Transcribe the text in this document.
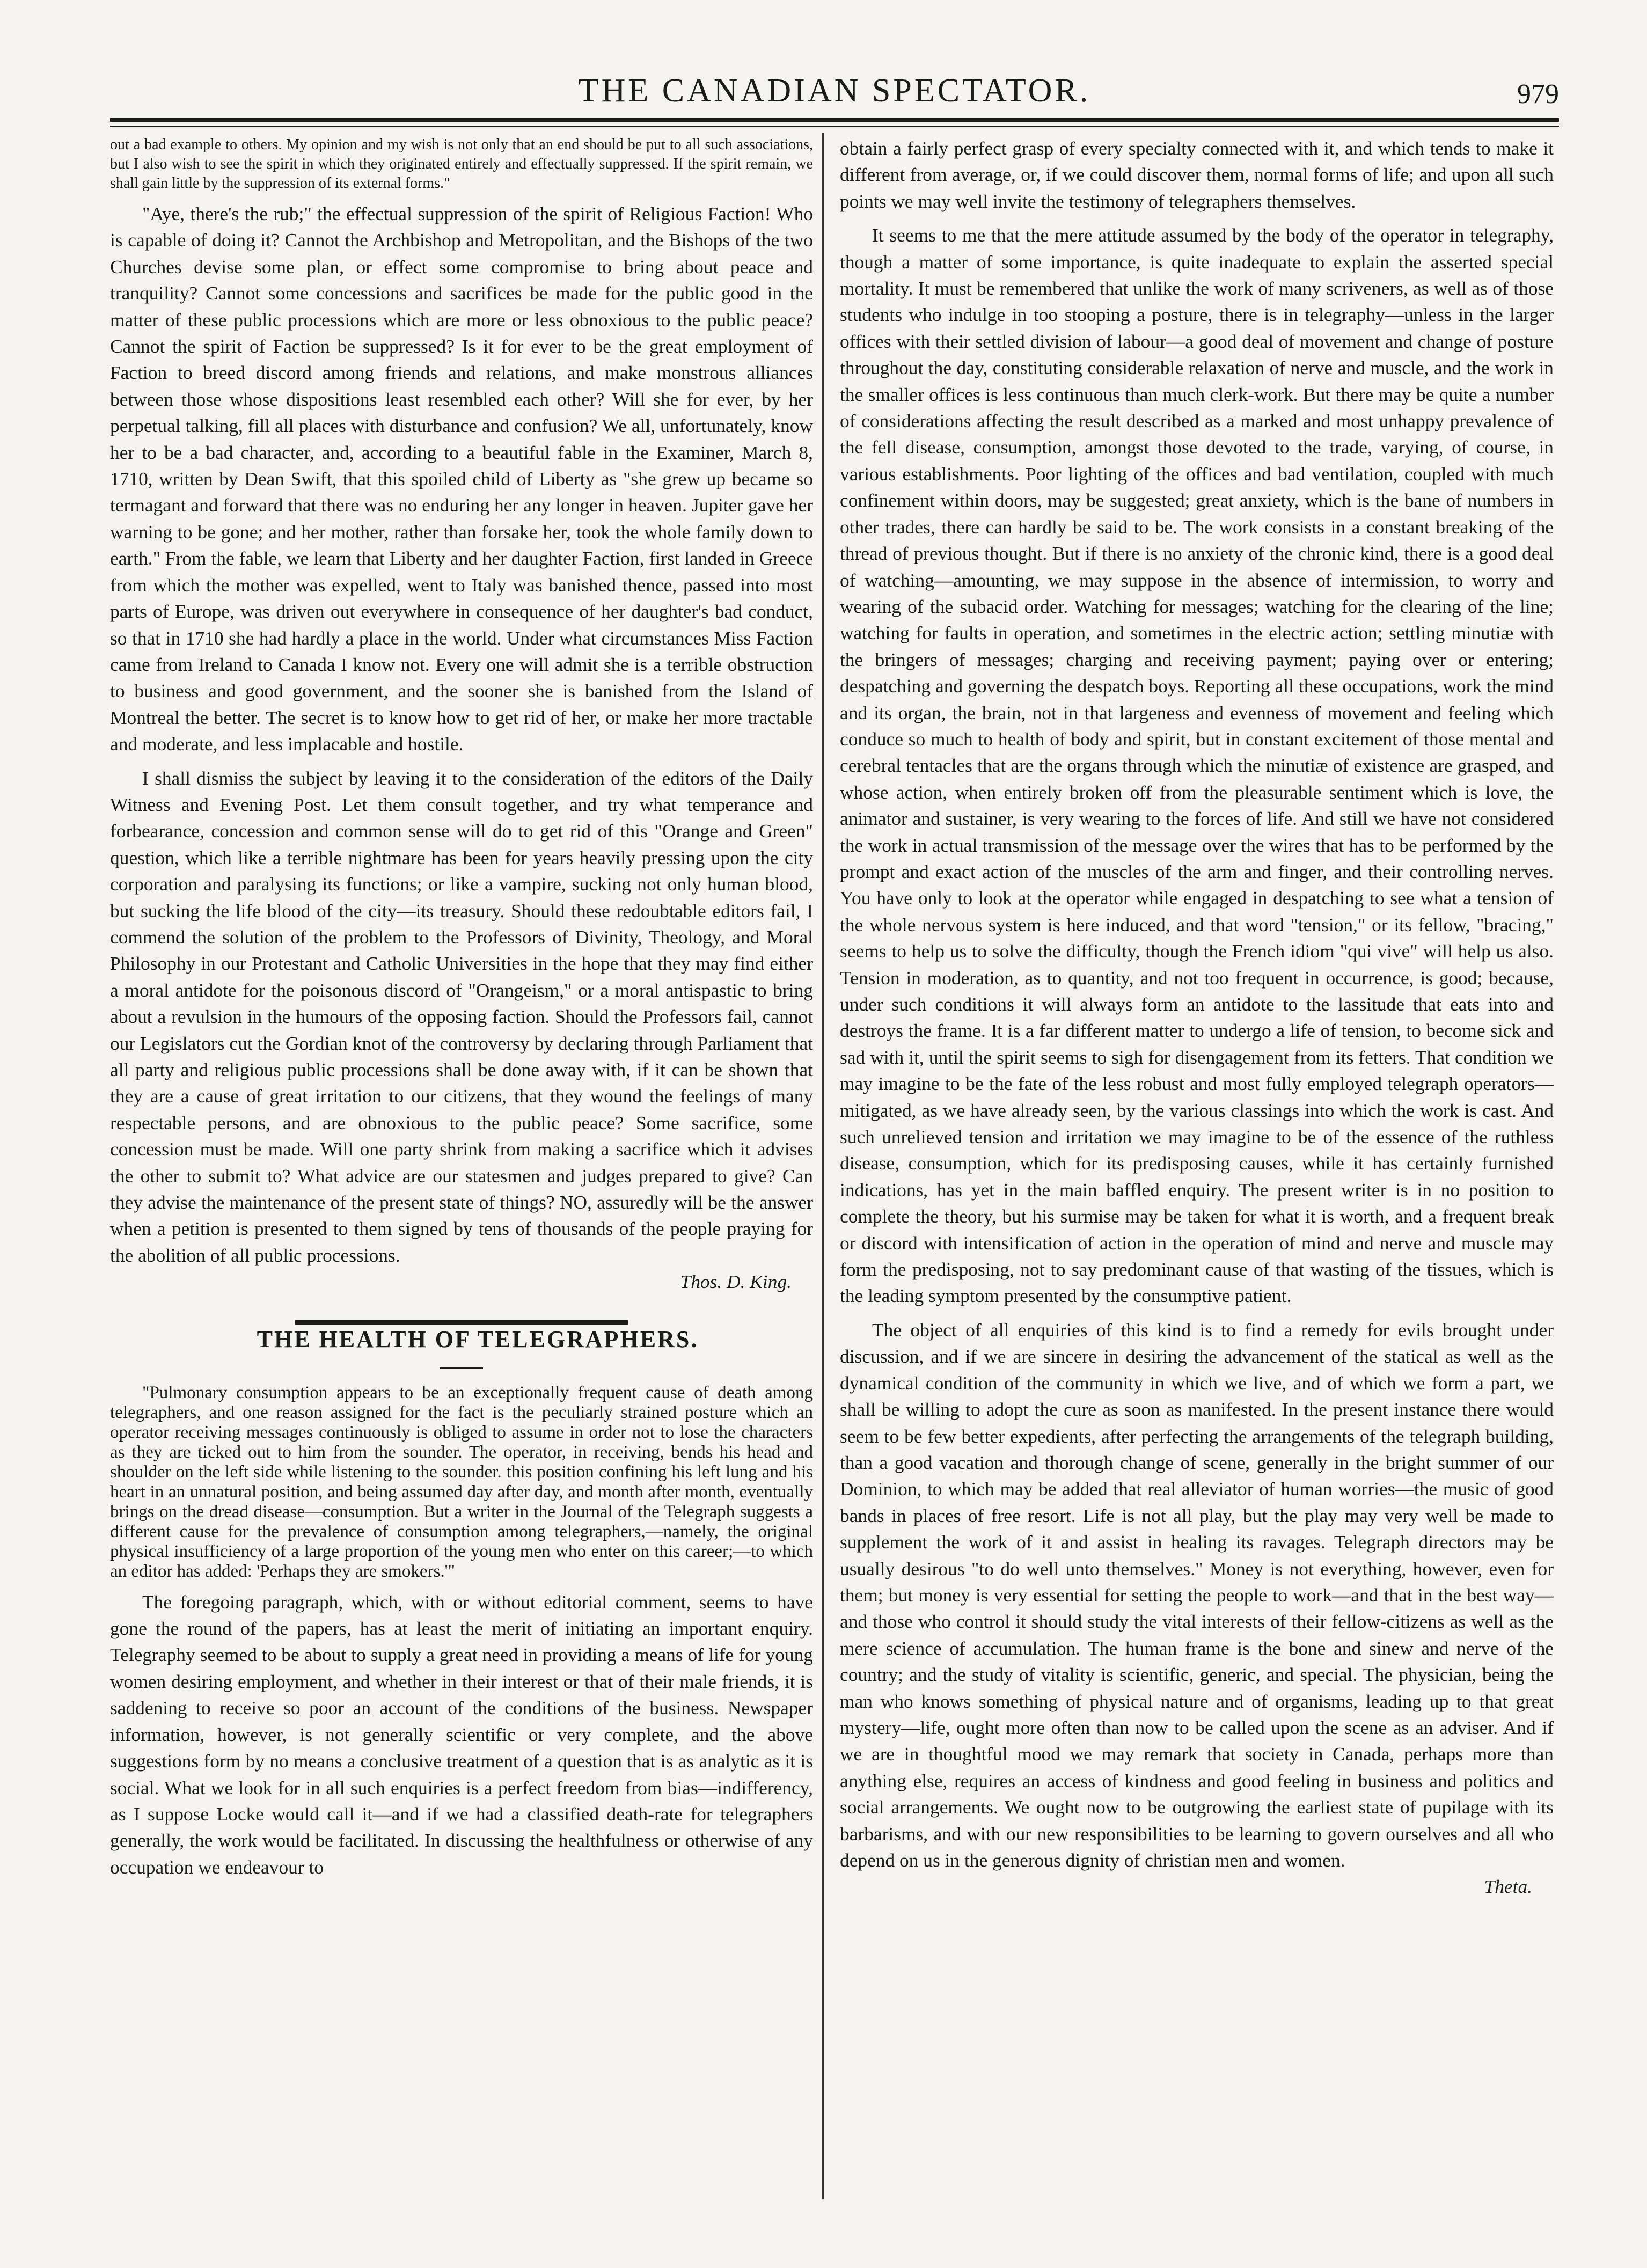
THE CANADIAN SPECTATOR.	979

out a bad example to others. My opinion and my wish is not only that an end should be put to all such associations, but I also wish to see the spirit in which they originated entirely and effectually suppressed. If the spirit remain, we shall gain little by the suppression of its external forms."

"Aye, there's the rub;" the effectual suppression of the spirit of Religious Faction! Who is capable of doing it? Cannot the Archbishop and Metropolitan, and the Bishops of the two Churches devise some plan, or effect some compromise to bring about peace and tranquility? Cannot some concessions and sacrifices be made for the public good in the matter of these public processions which are more or less obnoxious to the public peace? Cannot the spirit of Faction be suppressed? Is it for ever to be the great employment of Faction to breed discord among friends and relations, and make monstrous alliances between those whose dispositions least resembled each other? Will she for ever, by her perpetual talking, fill all places with disturbance and confusion? We all, unfortunately, know her to be a bad character, and, according to a beautiful fable in the Examiner, March 8, 1710, written by Dean Swift, that this spoiled child of Liberty as "she grew up became so termagant and forward that there was no enduring her any longer in heaven. Jupiter gave her warning to be gone; and her mother, rather than forsake her, took the whole family down to earth." From the fable, we learn that Liberty and her daughter Faction, first landed in Greece from which the mother was expelled, went to Italy was banished thence, passed into most parts of Europe, was driven out everywhere in consequence of her daughter's bad conduct, so that in 1710 she had hardly a place in the world. Under what circumstances Miss Faction came from Ireland to Canada I know not. Every one will admit she is a terrible obstruction to business and good government, and the sooner she is banished from the Island of Montreal the better. The secret is to know how to get rid of her, or make her more tractable and moderate, and less implacable and hostile.

I shall dismiss the subject by leaving it to the consideration of the editors of the Daily Witness and Evening Post. Let them consult together, and try what temperance and forbearance, concession and common sense will do to get rid of this "Orange and Green" question, which like a terrible nightmare has been for years heavily pressing upon the city corporation and paralysing its functions; or like a vampire, sucking not only human blood, but sucking the life blood of the city—its treasury. Should these redoubtable editors fail, I commend the solution of the problem to the Professors of Divinity, Theology, and Moral Philosophy in our Protestant and Catholic Universities in the hope that they may find either a moral antidote for the poisonous discord of "Orangeism," or a moral antispastic to bring about a revulsion in the humours of the opposing faction. Should the Professors fail, cannot our Legislators cut the Gordian knot of the controversy by declaring through Parliament that all party and religious public processions shall be done away with, if it can be shown that they are a cause of great irritation to our citizens, that they wound the feelings of many respectable persons, and are obnoxious to the public peace? Some sacrifice, some concession must be made. Will one party shrink from making a sacrifice which it advises the other to submit to? What advice are our statesmen and judges prepared to give? Can they advise the maintenance of the present state of things? NO, assuredly will be the answer when a petition is presented to them signed by tens of thousands of the people praying for the abolition of all public processions.

Thos. D. King.

THE HEALTH OF TELEGRAPHERS.

"Pulmonary consumption appears to be an exceptionally frequent cause of death among telegraphers, and one reason assigned for the fact is the peculiarly strained posture which an operator receiving messages continuously is obliged to assume in order not to lose the characters as they are ticked out to him from the sounder. The operator, in receiving, bends his head and shoulder on the left side while listening to the sounder. this position confining his left lung and his heart in an unnatural position, and being assumed day after day, and month after month, eventually brings on the dread disease—consumption. But a writer in the Journal of the Telegraph suggests a different cause for the prevalence of consumption among telegraphers,—namely, the original physical insufficiency of a large proportion of the young men who enter on this career;—to which an editor has added: 'Perhaps they are smokers.'"

The foregoing paragraph, which, with or without editorial comment, seems to have gone the round of the papers, has at least the merit of initiating an important enquiry. Telegraphy seemed to be about to supply a great need in providing a means of life for young women desiring employment, and whether in their interest or that of their male friends, it is saddening to receive so poor an account of the conditions of the business. Newspaper information, however, is not generally scientific or very complete, and the above suggestions form by no means a conclusive treatment of a question that is as analytic as it is social. What we look for in all such enquiries is a perfect freedom from bias—indifferency, as I suppose Locke would call it—and if we had a classified death-rate for telegraphers generally, the work would be facilitated. In discussing the healthfulness or otherwise of any occupation we endeavour to

obtain a fairly perfect grasp of every specialty connected with it, and which tends to make it different from average, or, if we could discover them, normal forms of life; and upon all such points we may well invite the testimony of telegraphers themselves.

It seems to me that the mere attitude assumed by the body of the operator in telegraphy, though a matter of some importance, is quite inadequate to explain the asserted special mortality. It must be remembered that unlike the work of many scriveners, as well as of those students who indulge in too stooping a posture, there is in telegraphy—unless in the larger offices with their settled division of labour—a good deal of movement and change of posture throughout the day, constituting considerable relaxation of nerve and muscle, and the work in the smaller offices is less continuous than much clerk-work. But there may be quite a number of considerations affecting the result described as a marked and most unhappy prevalence of the fell disease, consumption, amongst those devoted to the trade, varying, of course, in various establishments. Poor lighting of the offices and bad ventilation, coupled with much confinement within doors, may be suggested; great anxiety, which is the bane of numbers in other trades, there can hardly be said to be. The work consists in a constant breaking of the thread of previous thought. But if there is no anxiety of the chronic kind, there is a good deal of watching—amounting, we may suppose in the absence of intermission, to worry and wearing of the subacid order. Watching for messages; watching for the clearing of the line; watching for faults in operation, and sometimes in the electric action; settling minutiæ with the bringers of messages; charging and receiving payment; paying over or entering; despatching and governing the despatch boys. Reporting all these occupations, work the mind and its organ, the brain, not in that largeness and evenness of movement and feeling which conduce so much to health of body and spirit, but in constant excitement of those mental and cerebral tentacles that are the organs through which the minutiæ of existence are grasped, and whose action, when entirely broken off from the pleasurable sentiment which is love, the animator and sustainer, is very wearing to the forces of life. And still we have not considered the work in actual transmission of the message over the wires that has to be performed by the prompt and exact action of the muscles of the arm and finger, and their controlling nerves. You have only to look at the operator while engaged in despatching to see what a tension of the whole nervous system is here induced, and that word "tension," or its fellow, "bracing," seems to help us to solve the difficulty, though the French idiom "qui vive" will help us also. Tension in moderation, as to quantity, and not too frequent in occurrence, is good; because, under such conditions it will always form an antidote to the lassitude that eats into and destroys the frame. It is a far different matter to undergo a life of tension, to become sick and sad with it, until the spirit seems to sigh for disengagement from its fetters. That condition we may imagine to be the fate of the less robust and most fully employed telegraph operators—mitigated, as we have already seen, by the various classings into which the work is cast. And such unrelieved tension and irritation we may imagine to be of the essence of the ruthless disease, consumption, which for its predisposing causes, while it has certainly furnished indications, has yet in the main baffled enquiry. The present writer is in no position to complete the theory, but his surmise may be taken for what it is worth, and a frequent break or discord with intensification of action in the operation of mind and nerve and muscle may form the predisposing, not to say predominant cause of that wasting of the tissues, which is the leading symptom presented by the consumptive patient.

The object of all enquiries of this kind is to find a remedy for evils brought under discussion, and if we are sincere in desiring the advancement of the statical as well as the dynamical condition of the community in which we live, and of which we form a part, we shall be willing to adopt the cure as soon as manifested. In the present instance there would seem to be few better expedients, after perfecting the arrangements of the telegraph building, than a good vacation and thorough change of scene, generally in the bright summer of our Dominion, to which may be added that real alleviator of human worries—the music of good bands in places of free resort. Life is not all play, but the play may very well be made to supplement the work of it and assist in healing its ravages. Telegraph directors may be usually desirous "to do well unto themselves." Money is not everything, however, even for them; but money is very essential for setting the people to work—and that in the best way—and those who control it should study the vital interests of their fellow-citizens as well as the mere science of accumulation. The human frame is the bone and sinew and nerve of the country; and the study of vitality is scientific, generic, and special. The physician, being the man who knows something of physical nature and of organisms, leading up to that great mystery—life, ought more often than now to be called upon the scene as an adviser. And if we are in thoughtful mood we may remark that society in Canada, perhaps more than anything else, requires an access of kindness and good feeling in business and politics and social arrangements. We ought now to be outgrowing the earliest state of pupilage with its barbarisms, and with our new responsibilities to be learning to govern ourselves and all who depend on us in the generous dignity of christian men and women.

Theta.
